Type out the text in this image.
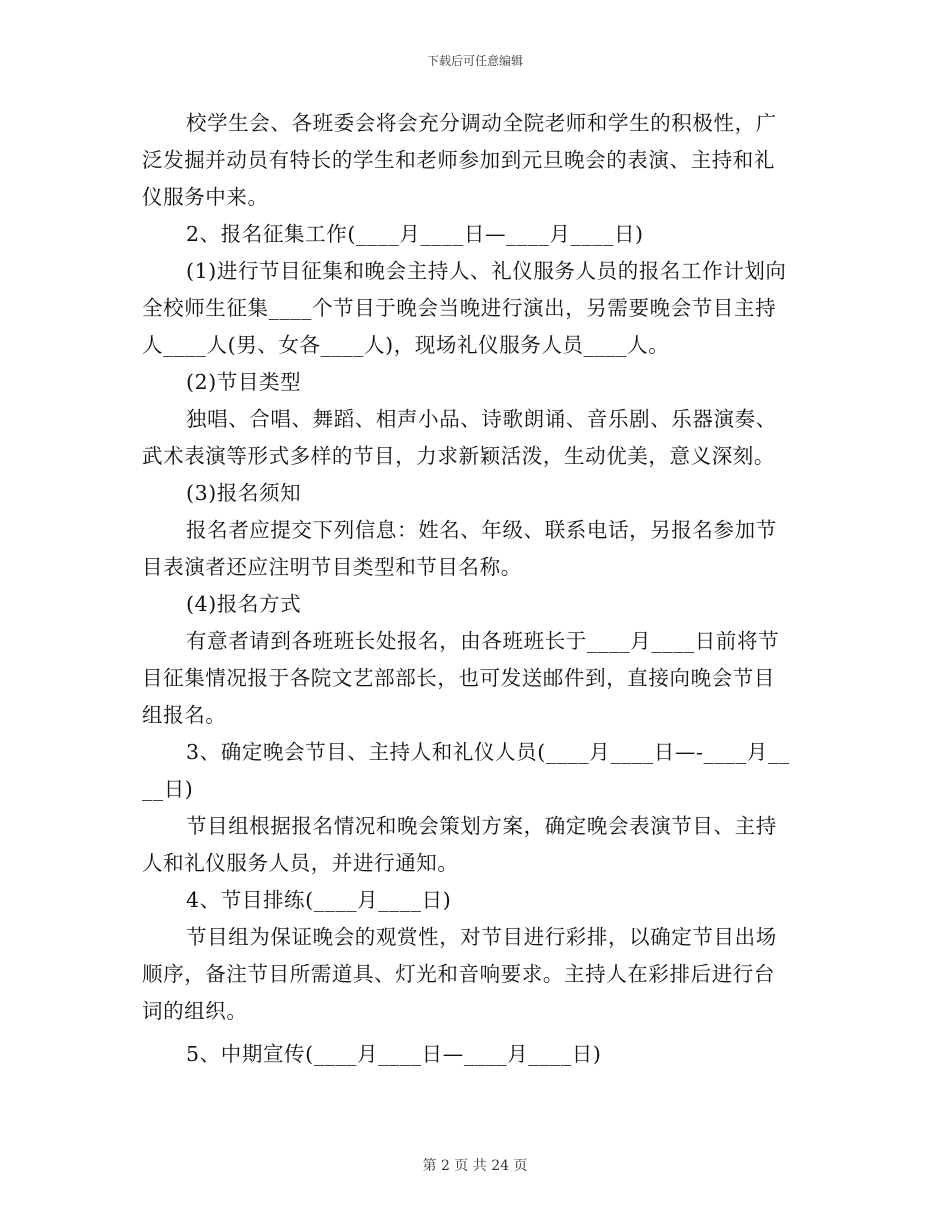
下载后可任意编辑
校学生会、各班委会将会充分调动全院老师和学生的积极性，广
泛发掘并动员有特长的学生和老师参加到元旦晚会的表演、主持和礼
仪服务中来。
2、报名征集工作(____月____日—____月____日)
(1)进行节目征集和晚会主持人、礼仪服务人员的报名工作计划向
全校师生征集____个节目于晚会当晚进行演出，另需要晚会节目主持
人____人(男、女各____人)，现场礼仪服务人员____人。
(2)节目类型
独唱、合唱、舞蹈、相声小品、诗歌朗诵、音乐剧、乐器演奏、
武术表演等形式多样的节目，力求新颖活泼，生动优美，意义深刻。
(3)报名须知
报名者应提交下列信息：姓名、年级、联系电话，另报名参加节
目表演者还应注明节目类型和节目名称。
(4)报名方式
有意者请到各班班长处报名，由各班班长于____月____日前将节
目征集情况报于各院文艺部部长，也可发送邮件到，直接向晚会节目
组报名。
3、确定晚会节目、主持人和礼仪人员(____月____日—-____月__
__日)
节目组根据报名情况和晚会策划方案，确定晚会表演节目、主持
人和礼仪服务人员，并进行通知。
4、节目排练(____月____日)
节目组为保证晚会的观赏性，对节目进行彩排，以确定节目出场
顺序，备注节目所需道具、灯光和音响要求。主持人在彩排后进行台
词的组织。
5、中期宣传(____月____日—____月____日)
第 2 页 共 24 页
